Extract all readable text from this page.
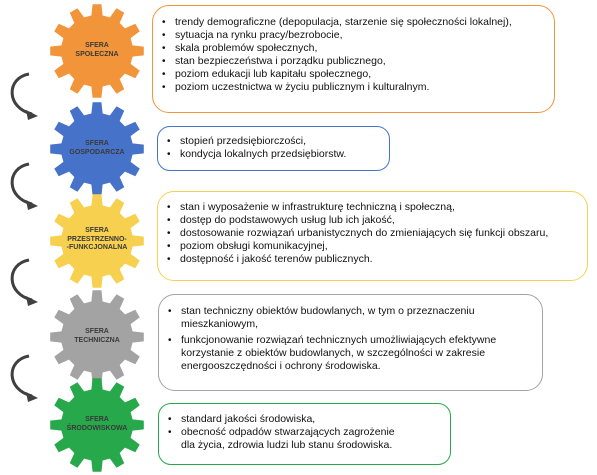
SFERA
SPOŁECZNA
SFERA
GOSPODARCZA
SFERA
PRZESTRZENNO-
-FUNKCJONALNA
SFERA
TECHNICZNA
SFERA
ŚRODOWISKOWA
• trendy demograficzne (depopulacja, starzenie się społeczności lokalnej),
• sytuacja na rynku pracy/bezrobocie,
• skala problemów społecznych,
• stan bezpieczeństwa i porządku publicznego,
• poziom edukacji lub kapitału społecznego,
• poziom uczestnictwa w życiu publicznym i kulturalnym.
• stopień przedsiębiorczości,
• kondycja lokalnych przedsiębiorstw.
• stan i wyposażenie w infrastrukturę techniczną i społeczną,
• dostęp do podstawowych usług lub ich jakość,
• dostosowanie rozwiązań urbanistycznych do zmieniających się funkcji obszaru,
• poziom obsługi komunikacyjnej,
• dostępność i jakość terenów publicznych.
• stan techniczny obiektów budowlanych, w tym o przeznaczeniu
mieszkaniowym,
• funkcjonowanie rozwiązań technicznych umożliwiających efektywne
korzystanie z obiektów budowlanych, w szczególności w zakresie
energooszczędności i ochrony środowiska.
• standard jakości środowiska,
• obecność odpadów stwarzających zagrożenie
dla życia, zdrowia ludzi lub stanu środowiska.
